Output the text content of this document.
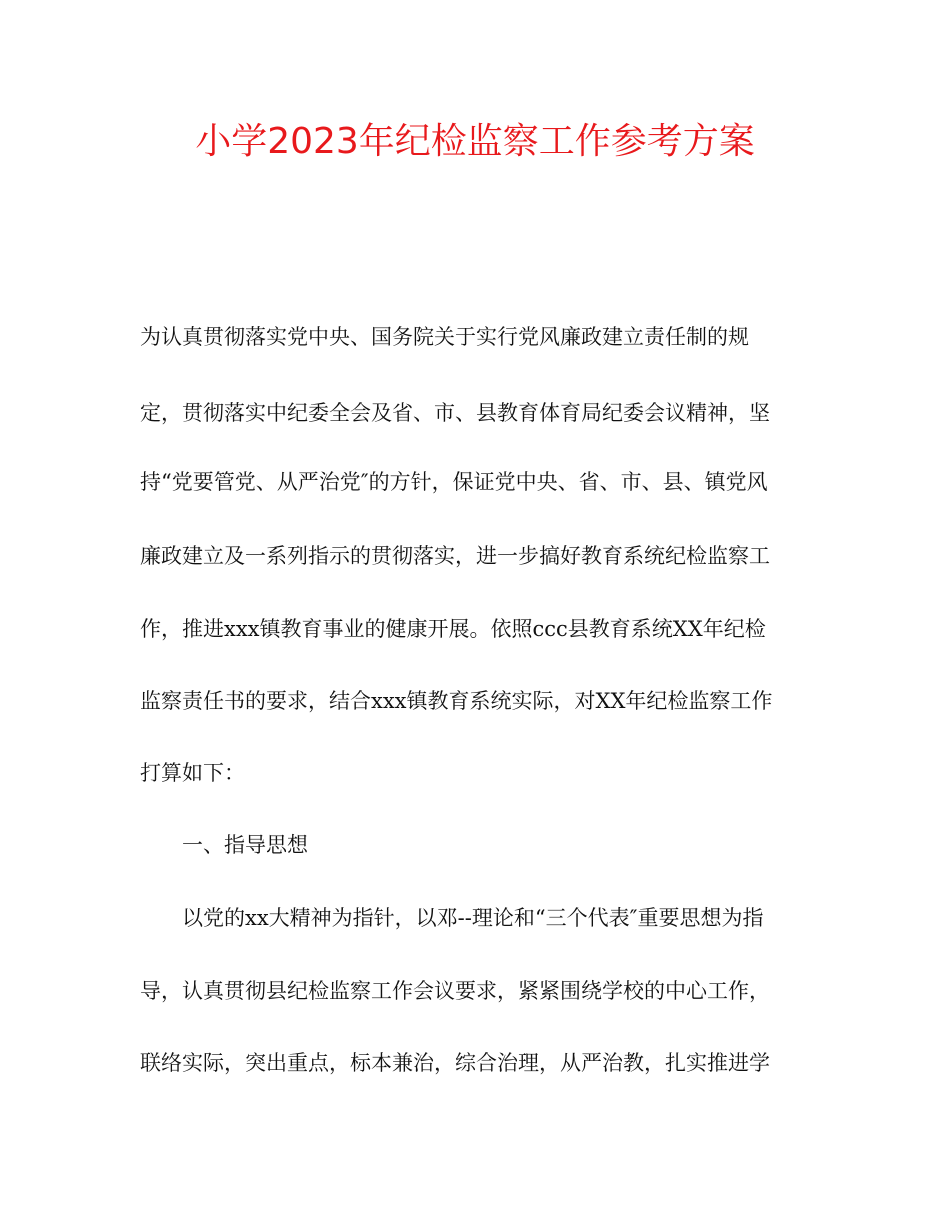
小学2023年纪检监察工作参考方案
为认真贯彻落实党中央、国务院关于实行党风廉政建立责任制的规
定，贯彻落实中纪委全会及省、市、县教育体育局纪委会议精神，坚
持“党要管党、从严治党″的方针，保证党中央、省、市、县、镇党风
廉政建立及一系列指示的贯彻落实，进一步搞好教育系统纪检监察工
作，推进xxx镇教育事业的健康开展。依照ccc县教育系统XX年纪检
监察责任书的要求，结合xxx镇教育系统实际，对XX年纪检监察工作
打算如下：
一、指导思想
以党的xx大精神为指针，以邓--理论和“三个代表″重要思想为指
导，认真贯彻县纪检监察工作会议要求，紧紧围绕学校的中心工作，
联络实际，突出重点，标本兼治，综合治理，从严治教，扎实推进学
